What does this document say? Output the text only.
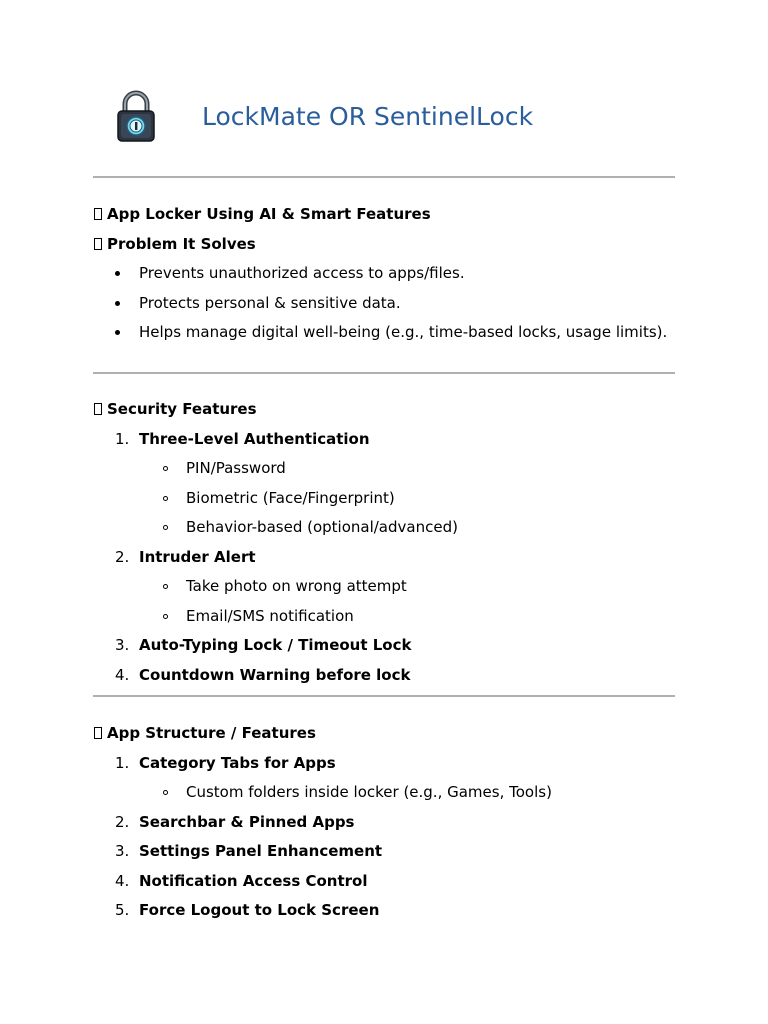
LockMate OR SentinelLock
App Locker Using AI & Smart Features
Problem It Solves
Prevents unauthorized access to apps/files.
Protects personal & sensitive data.
Helps manage digital well-being (e.g., time-based locks, usage limits).
Security Features
1. Three-Level Authentication
PIN/Password
Biometric (Face/Fingerprint)
Behavior-based (optional/advanced)
2. Intruder Alert
Take photo on wrong attempt
Email/SMS notification
3. Auto-Typing Lock / Timeout Lock
4. Countdown Warning before lock
App Structure / Features
1. Category Tabs for Apps
Custom folders inside locker (e.g., Games, Tools)
2. Searchbar & Pinned Apps
3. Settings Panel Enhancement
4. Notification Access Control
5. Force Logout to Lock Screen
